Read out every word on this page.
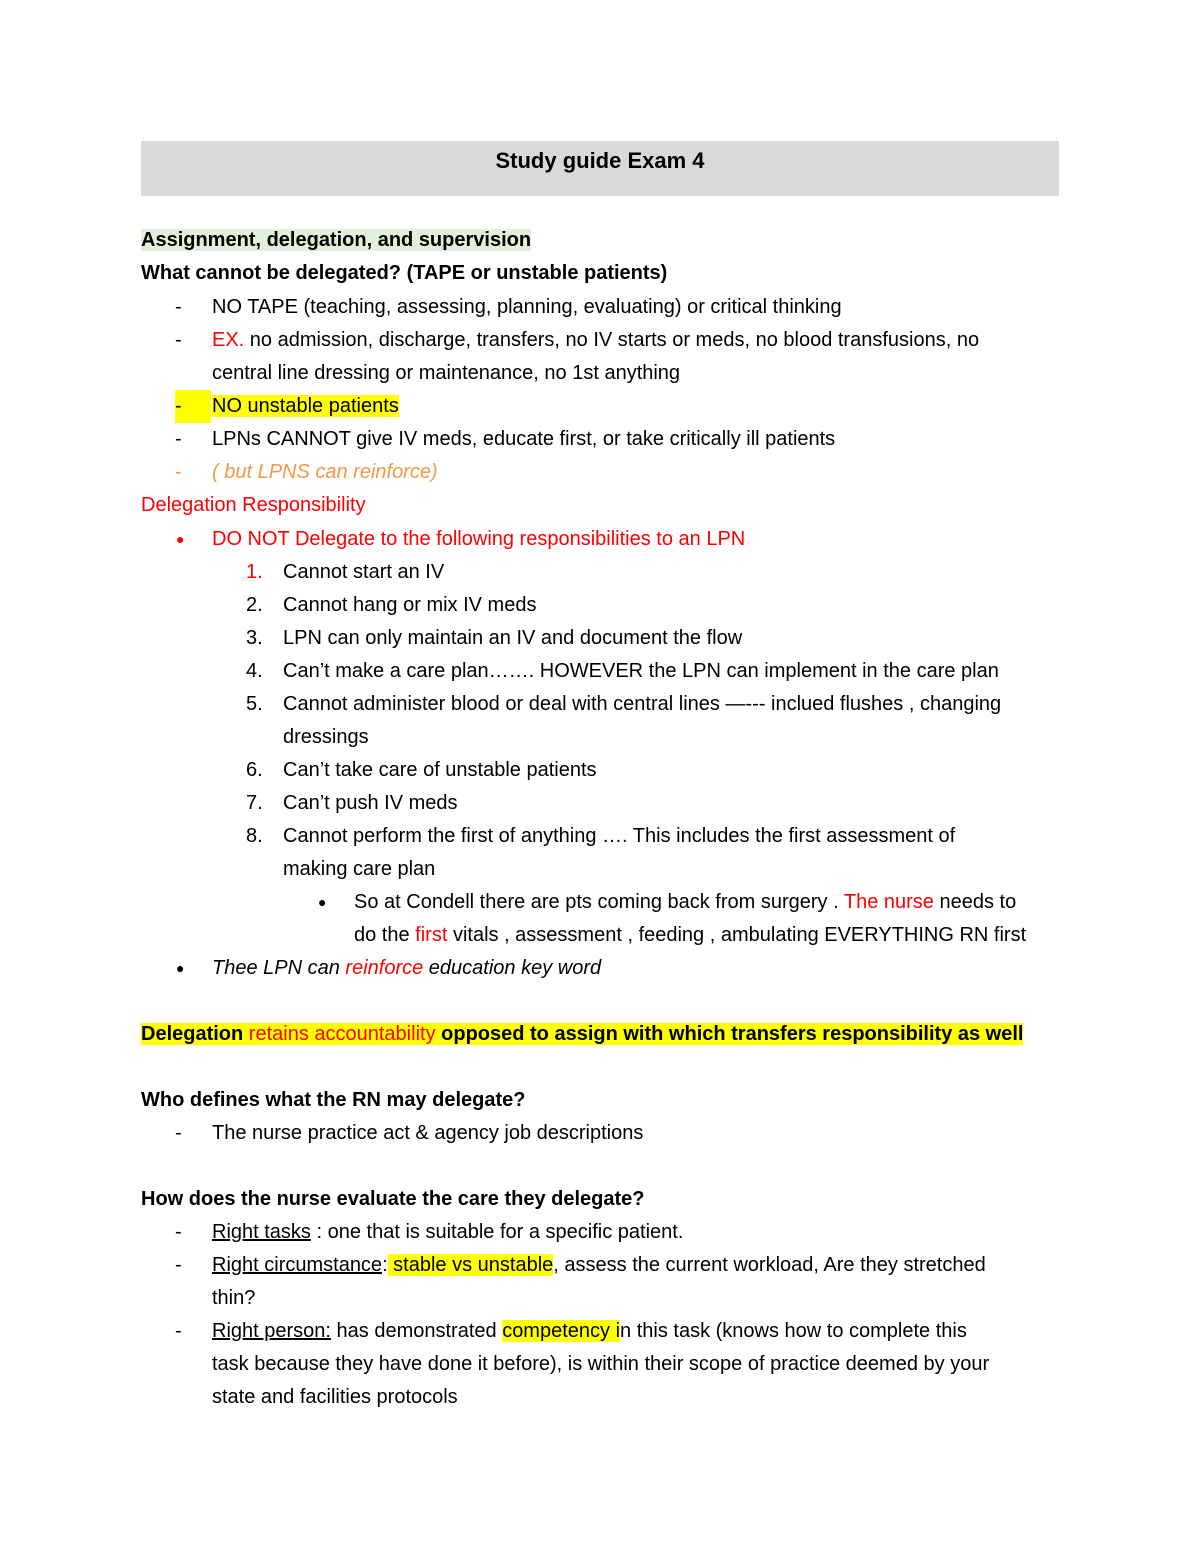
Study guide Exam 4
Assignment, delegation, and supervision
What cannot be delegated? (TAPE or unstable patients)
-	NO TAPE (teaching, assessing, planning, evaluating) or critical thinking
-	EX. no admission, discharge, transfers, no IV starts or meds, no blood transfusions, no
central line dressing or maintenance, no 1st anything
-	NO unstable patients
-	LPNs CANNOT give IV meds, educate first, or take critically ill patients
-	( but LPNS can reinforce)
Delegation Responsibility
● DO NOT Delegate to the following responsibilities to an LPN
1. Cannot start an IV
2. Cannot hang or mix IV meds
3. LPN can only maintain an IV and document the flow
4. Can’t make a care plan……. HOWEVER the LPN can implement in the care plan
5. Cannot administer blood or deal with central lines —--- inclued flushes , changing
dressings
6. Can’t take care of unstable patients
7. Can’t push IV meds
8. Cannot perform the first of anything …. This includes the first assessment of
making care plan
● So at Condell there are pts coming back from surgery . The nurse needs to
do the first vitals , assessment , feeding , ambulating EVERYTHING RN first
● Thee LPN can reinforce education key word
Delegation retains accountability opposed to assign with which transfers responsibility as well
Who defines what the RN may delegate?
-	The nurse practice act & agency job descriptions
How does the nurse evaluate the care they delegate?
-	Right tasks : one that is suitable for a specific patient.
-	Right circumstance: stable vs unstable, assess the current workload, Are they stretched
thin?
-	Right person: has demonstrated competency in this task (knows how to complete this
task because they have done it before), is within their scope of practice deemed by your
state and facilities protocols
